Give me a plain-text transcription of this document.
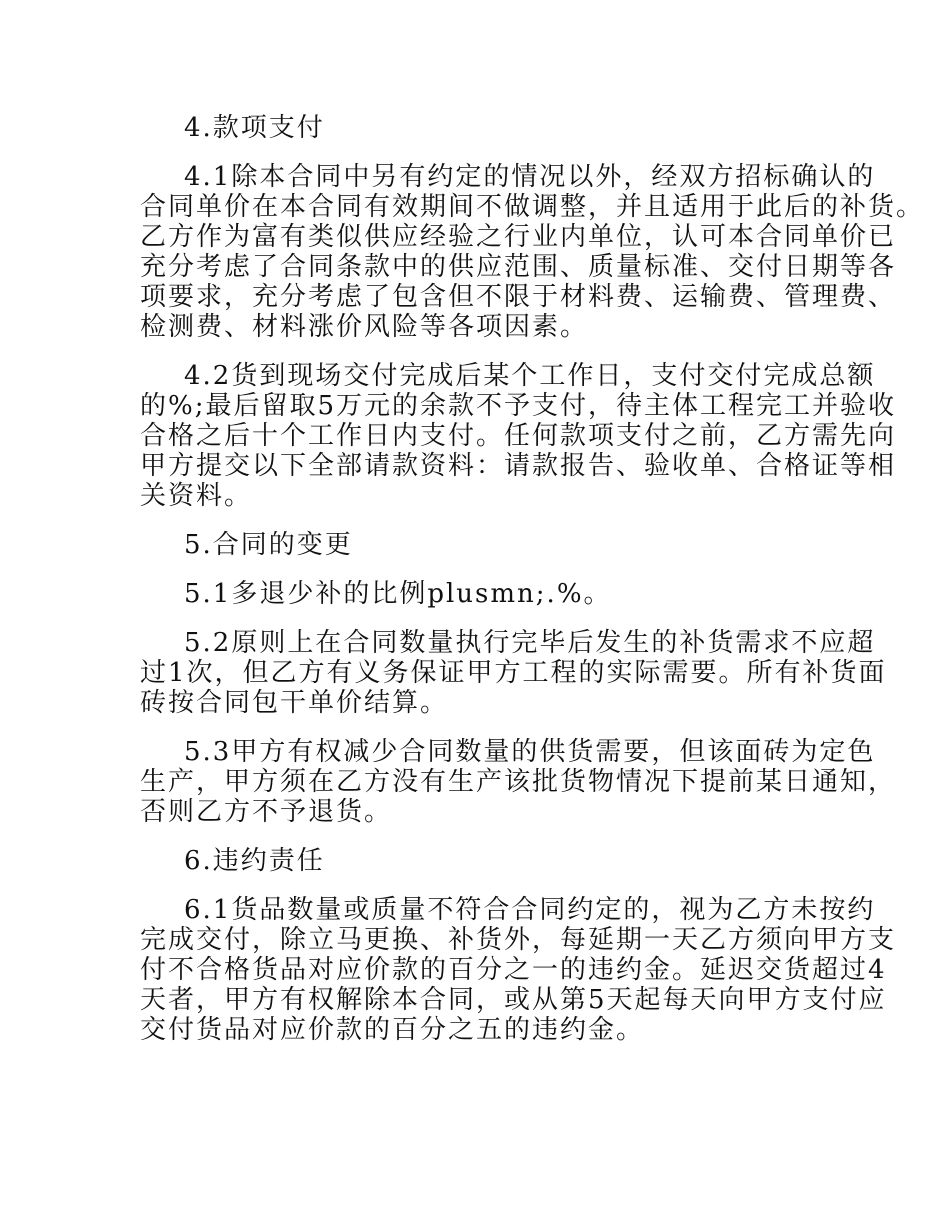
4.款项支付
4.1除本合同中另有约定的情况以外，经双方招标确认的
合同单价在本合同有效期间不做调整，并且适用于此后的补货。
乙方作为富有类似供应经验之行业内单位，认可本合同单价已
充分考虑了合同条款中的供应范围、质量标准、交付日期等各
项要求，充分考虑了包含但不限于材料费、运输费、管理费、
检测费、材料涨价风险等各项因素。
4.2货到现场交付完成后某个工作日，支付交付完成总额
的%;最后留取5万元的余款不予支付，待主体工程完工并验收
合格之后十个工作日内支付。任何款项支付之前，乙方需先向
甲方提交以下全部请款资料：请款报告、验收单、合格证等相
关资料。
5.合同的变更
5.1多退少补的比例plusmn;.%。
5.2原则上在合同数量执行完毕后发生的补货需求不应超
过1次，但乙方有义务保证甲方工程的实际需要。所有补货面
砖按合同包干单价结算。
5.3甲方有权减少合同数量的供货需要，但该面砖为定色
生产，甲方须在乙方没有生产该批货物情况下提前某日通知，
否则乙方不予退货。
6.违约责任
6.1货品数量或质量不符合合同约定的，视为乙方未按约
完成交付，除立马更换、补货外，每延期一天乙方须向甲方支
付不合格货品对应价款的百分之一的违约金。延迟交货超过4
天者，甲方有权解除本合同，或从第5天起每天向甲方支付应
交付货品对应价款的百分之五的违约金。
